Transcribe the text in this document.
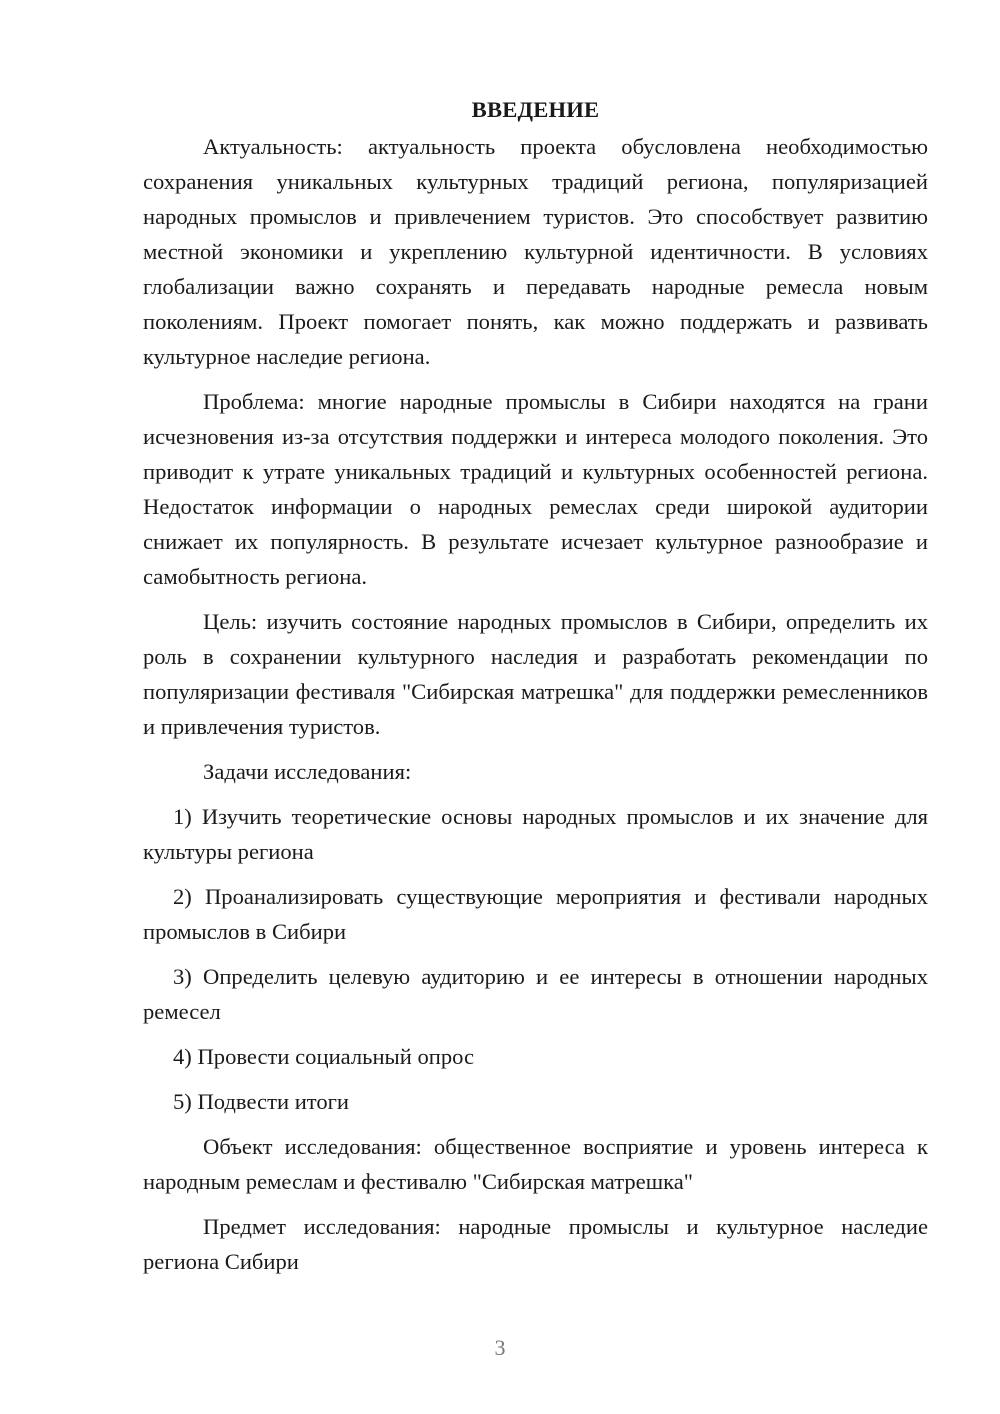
ВВЕДЕНИЕ

Актуальность: актуальность проекта обусловлена необходимостью сохранения уникальных культурных традиций региона, популяризацией народных промыслов и привлечением туристов. Это способствует развитию местной экономики и укреплению культурной идентичности. В условиях глобализации важно сохранять и передавать народные ремесла новым поколениям. Проект помогает понять, как можно поддержать и развивать культурное наследие региона.

Проблема: многие народные промыслы в Сибири находятся на грани исчезновения из-за отсутствия поддержки и интереса молодого поколения. Это приводит к утрате уникальных традиций и культурных особенностей региона. Недостаток информации о народных ремеслах среди широкой аудитории снижает их популярность. В результате исчезает культурное разнообразие и самобытность региона.

Цель: изучить состояние народных промыслов в Сибири, определить их роль в сохранении культурного наследия и разработать рекомендации по популяризации фестиваля "Сибирская матрешка" для поддержки ремесленников и привлечения туристов.

Задачи исследования:

1) Изучить теоретические основы народных промыслов и их значение для культуры региона

2) Проанализировать существующие мероприятия и фестивали народных промыслов в Сибири

3) Определить целевую аудиторию и ее интересы в отношении народных ремесел

4) Провести социальный опрос

5) Подвести итоги

Объект исследования: общественное восприятие и уровень интереса к народным ремеслам и фестивалю "Сибирская матрешка"

Предмет исследования: народные промыслы и культурное наследие региона Сибири

3
